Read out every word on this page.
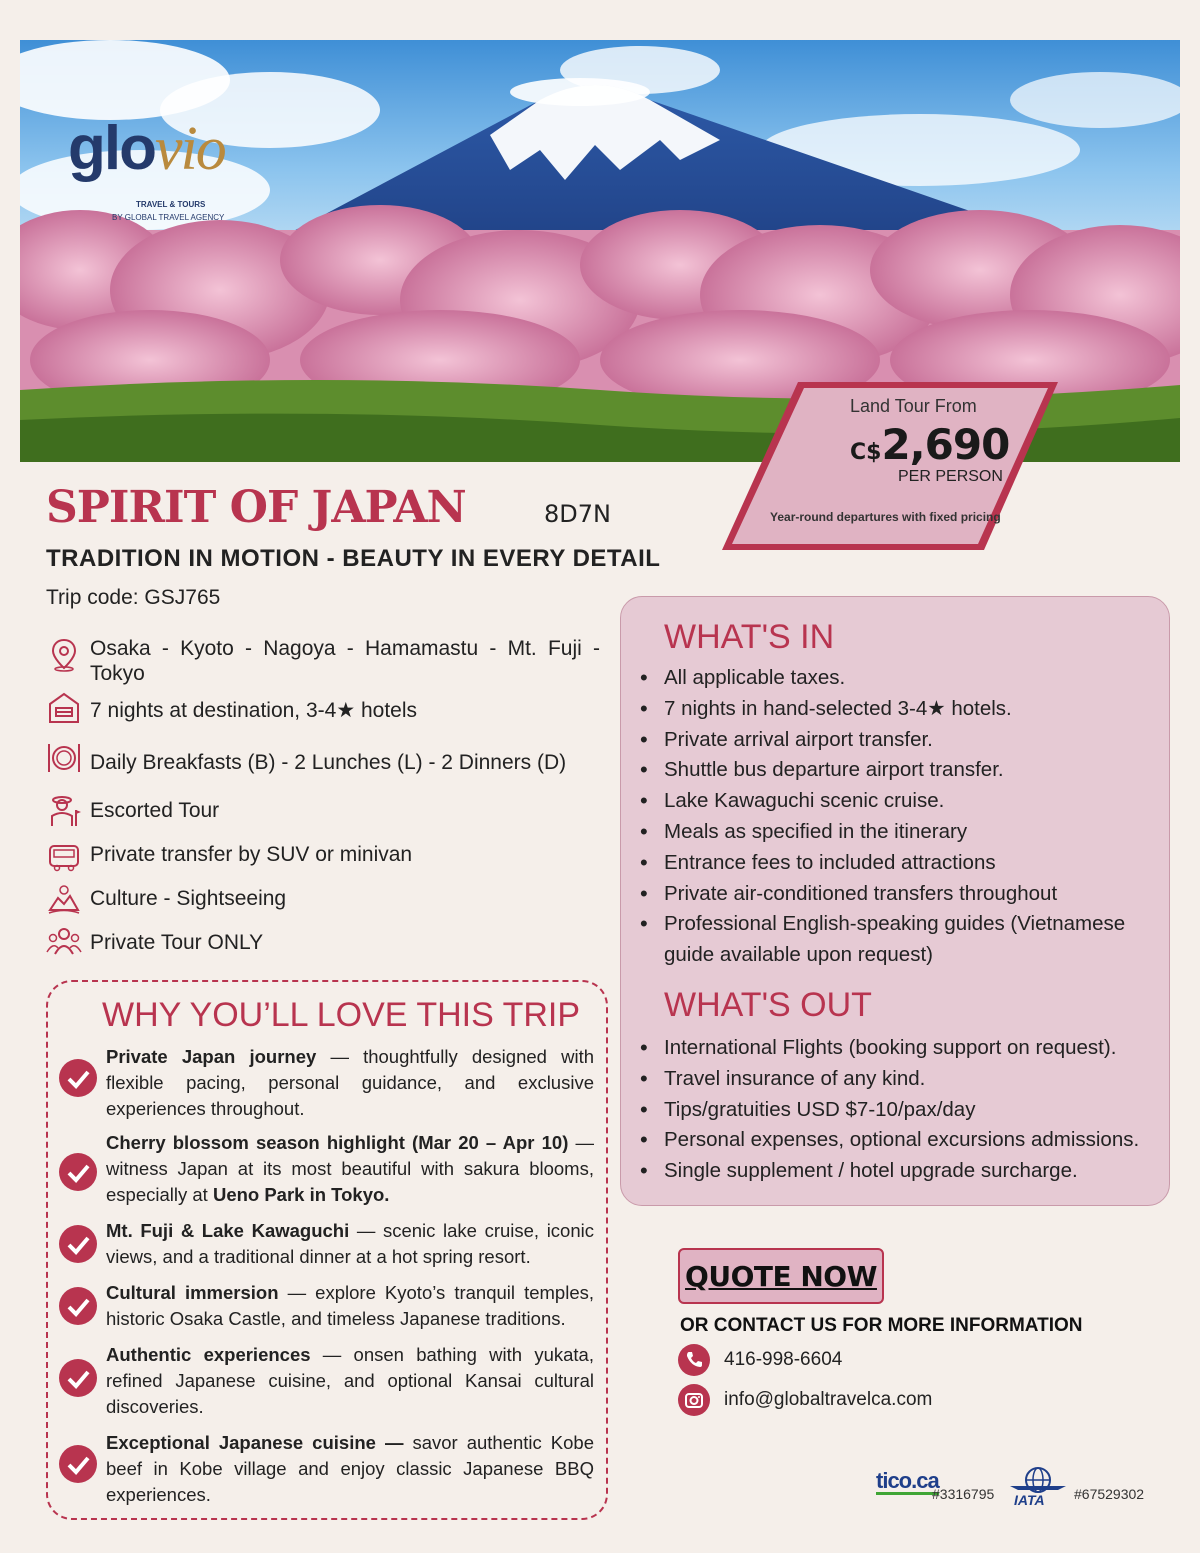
glovio
TRAVEL & TOURS
BY GLOBAL TRAVEL AGENCY
Land Tour From
C$2,690
PER PERSON
Year-round departures with fixed pricing
SPIRIT OF JAPAN	8D7N
TRADITION IN MOTION - BEAUTY IN EVERY DETAIL
Trip code: GSJ765
Osaka - Kyoto - Nagoya - Hamamastu - Mt. Fuji - Tokyo
7 nights at destination, 3-4★ hotels
Daily Breakfasts (B) - 2 Lunches (L) - 2 Dinners (D)
Escorted Tour
Private transfer by SUV or minivan
Culture - Sightseeing
Private Tour ONLY
WHY YOU’LL LOVE THIS TRIP
Private Japan journey — thoughtfully designed with flexible pacing, personal guidance, and exclusive experiences throughout.
Cherry blossom season highlight (Mar 20 – Apr 10) — witness Japan at its most beautiful with sakura blooms, especially at Ueno Park in Tokyo.
Mt. Fuji & Lake Kawaguchi — scenic lake cruise, iconic views, and a traditional dinner at a hot spring resort.
Cultural immersion — explore Kyoto’s tranquil temples, historic Osaka Castle, and timeless Japanese traditions.
Authentic experiences — onsen bathing with yukata, refined Japanese cuisine, and optional Kansai cultural discoveries.
Exceptional Japanese cuisine — savor authentic Kobe beef in Kobe village and enjoy classic Japanese BBQ experiences.
WHAT'S IN
• All applicable taxes.
• 7 nights in hand-selected 3-4★ hotels.
• Private arrival airport transfer.
• Shuttle bus departure airport transfer.
• Lake Kawaguchi scenic cruise.
• Meals as specified in the itinerary
• Entrance fees to included attractions
• Private air-conditioned transfers throughout
• Professional English-speaking guides (Vietnamese guide available upon request)
WHAT'S OUT
• International Flights (booking support on request).
• Travel insurance of any kind.
• Tips/gratuities USD $7-10/pax/day
• Personal expenses, optional excursions admissions.
• Single supplement / hotel upgrade surcharge.
QUOTE NOW
OR CONTACT US FOR MORE INFORMATION
416-998-6604
info@globaltravelca.com
tico.ca
#3316795 IATA #67529302
